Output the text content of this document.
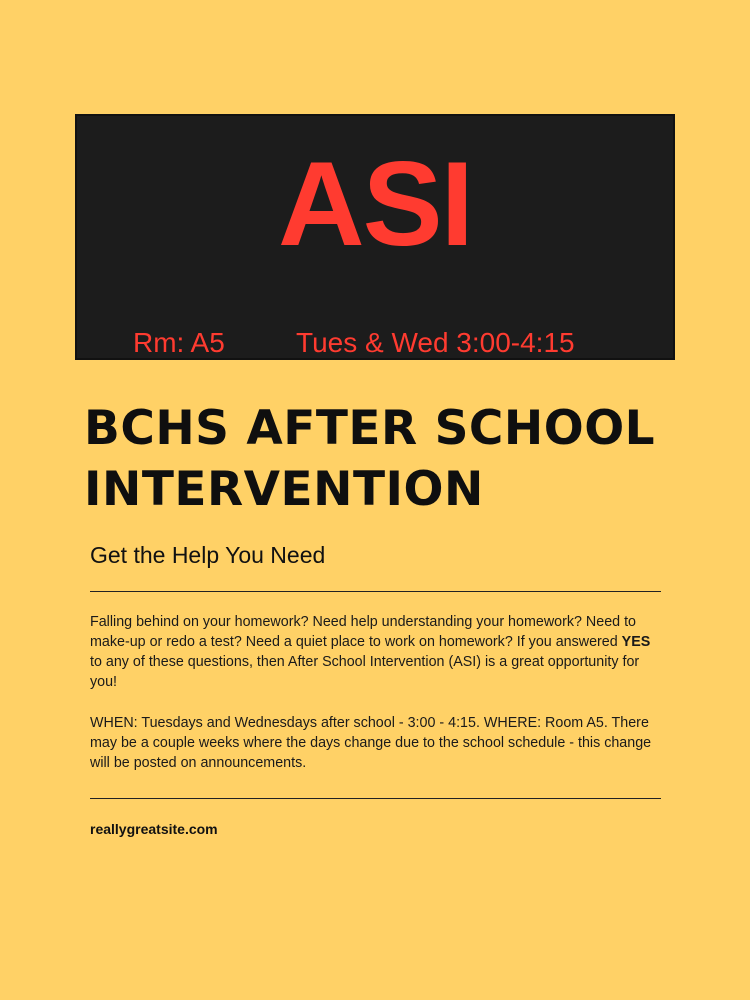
ASI
Rm: A5	Tues & Wed 3:00-4:15
BCHS AFTER SCHOOL
INTERVENTION
Get the Help You Need

Falling behind on your homework? Need help understanding your homework? Need to make-up or redo a test? Need a quiet place to work on homework? If you answered YES to any of these questions, then After School Intervention (ASI) is a great opportunity for you!

WHEN: Tuesdays and Wednesdays after school - 3:00 - 4:15. WHERE: Room A5. There may be a couple weeks where the days change due to the school schedule - this change will be posted on announcements.

reallygreatsite.com
